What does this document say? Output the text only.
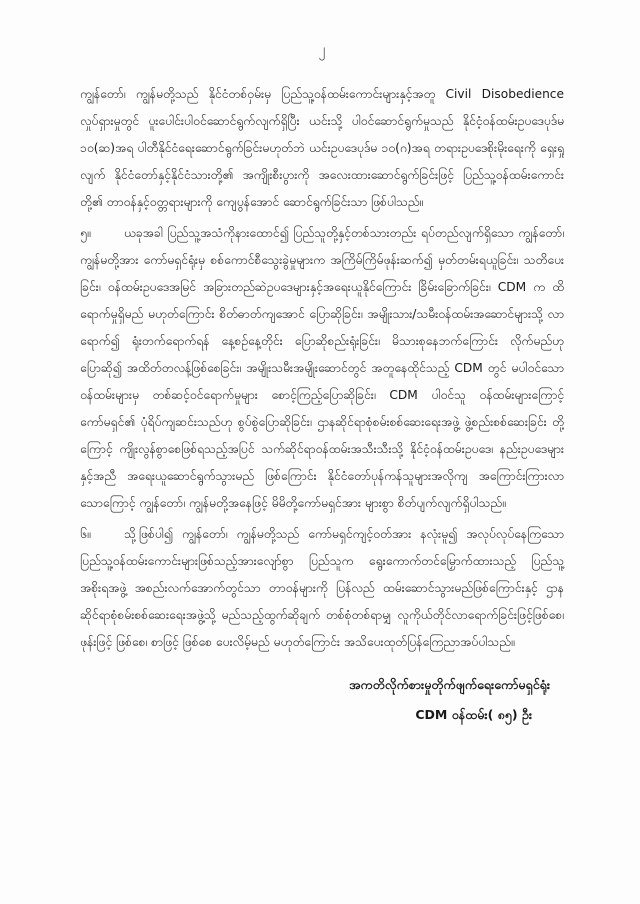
၂

ကျွန်တော်၊ ကျွန်မတို့သည် နိုင်ငံတစ်ဝှမ်းမှ ပြည်သူ့ဝန်ထမ်းကောင်းများနှင့်အတူ Civil Disobedience လှုပ်ရှားမှုတွင် ပူးပေါင်းပါဝင်ဆောင်ရွက်လျက်ရှိပြီး ယင်းသို့ ပါဝင်ဆောင်ရွက်မှုသည် နိုင်ငံ့ဝန်ထမ်းဥပဒေပုဒ်မ ၁၀(ဆ)အရ ပါတီနိုင်ငံရေးဆောင်ရွက်ခြင်းမဟုတ်ဘဲ ယင်းဥပဒေပုဒ်မ ၁၀(ဂ)အရ တရားဥပဒေစိုးမိုးရေးကို ရှေးရှုလျက် နိုင်ငံတော်နှင့်နိုင်ငံသားတို့၏ အကျိုးစီးပွားကို အလေးထားဆောင်ရွက်ခြင်းဖြင့် ပြည်သူ့ဝန်ထမ်းကောင်းတို့၏ တာဝန်နှင့်ဝတ္တရားများကို ကျေပွန်အောင် ဆောင်ရွက်ခြင်းသာ ဖြစ်ပါသည်။

၅။	ယခုအခါ ပြည်သူ့အသံကိုနားထောင်၍ ပြည်သူတို့နှင့်တစ်သားတည်း ရပ်တည်လျက်ရှိသော ကျွန်တော်၊ ကျွန်မတို့အား ကော်မရှင်ရုံးမှ စစ်ကောင်စီသွေးခွဲမှုများက အကြိမ်ကြိမ်ဖုန်းဆက်၍ မှတ်တမ်းရယူခြင်း၊ သတိပေးခြင်း၊ ဝန်ထမ်းဥပဒေအမြင် အခြားတည်ဆဲဥပဒေများနှင့်အရေးယူနိုင်ကြောင်း ခြိမ်းခြောက်ခြင်း၊ CDM က ထိရောက်မှုရှိမည် မဟုတ်ကြောင်း စိတ်ဓာတ်ကျအောင် ပြောဆိုခြင်း၊ အမျိုးသား/သမီးဝန်ထမ်းအဆောင်များသို့ လာရောက်၍ ရုံးတက်ရောက်ရန် နေ့စဉ်နေ့တိုင်း ပြောဆိုစည်းရုံးခြင်း၊ မိသားစုနေဘက်ကြောင်း လိုက်မည်ဟုပြောဆို၍ အထိတ်တလန့်ဖြစ်စေခြင်း၊ အမျိုးသမီးအမျိုးဆောင်တွင် အတူနေထိုင်သည့် CDM တွင် မပါဝင်သော ဝန်ထမ်းများမှ တစ်ဆင့်ဝင်ရောက်မှုများ စောင့်ကြည့်ပြောဆိုခြင်း၊ CDM ပါဝင်သူ ဝန်ထမ်းများကြောင့် ကော်မရှင်၏ ပုံရိပ်ကျဆင်းသည်ဟု စွပ်စွဲပြောဆိုခြင်း၊ ဌာနဆိုင်ရာစုံစမ်းစစ်ဆေးရေးအဖွဲ့ ဖွဲ့စည်းစစ်ဆေးခြင်း တို့ကြောင့် ကျိုးလွန်စွာစေဖြစ်ရသည့်အပြင် သက်ဆိုင်ရာဝန်ထမ်းအသီးသီးသို့ နိုင်ငံ့ဝန်ထမ်းဥပဒေ၊ နည်းဥပဒေများနှင့်အညီ အရေးယူဆောင်ရွက်သွားမည် ဖြစ်ကြောင်း နိုင်ငံတော်ပုန်ကန်သူများအလိုကျ အကြောင်းကြားလာသောကြောင့် ကျွန်တော်၊ ကျွန်မတို့အနေဖြင့် မိမိတို့ကော်မရှင်အား များစွာ စိတ်ပျက်လျက်ရှိပါသည်။

၆။	သို့ဖြစ်ပါ၍ ကျွန်တော်၊ ကျွန်မတို့သည် ကော်မရှင်ကျင့်ဝတ်အား နလုံးမူ၍ အလုပ်လုပ်နေကြသော ပြည်သူ့ဝန်ထမ်းကောင်းများဖြစ်သည့်အားလျော်စွာ ပြည်သူက ရွေးကောက်တင်မြှောက်ထားသည့် ပြည်သူ့အစိုးရအဖွဲ့ အစည်းလက်အောက်တွင်သာ တာဝန်များကို ပြန်လည် ထမ်းဆောင်သွားမည်ဖြစ်ကြောင်းနှင့် ဌာနဆိုင်ရာစုံစမ်းစစ်ဆေးရေးအဖွဲ့သို့ မည်သည့်ထွက်ဆိုချက် တစ်စုံတစ်ရာမျှ လူကိုယ်တိုင်လာရောက်ခြင်းဖြင့်ဖြစ်စေ၊ ဖုန်းဖြင့် ဖြစ်စေ၊ စာဖြင့် ဖြစ်စေ ပေးလိမ့်မည် မဟုတ်ကြောင်း အသိပေးထုတ်ပြန်ကြေညာအပ်ပါသည်။

အကတိလိုက်စားမှုတိုက်ဖျက်ရေးကော်မရှင်ရုံး

CDM ဝန်ထမ်း( ၈၅) ဦး
